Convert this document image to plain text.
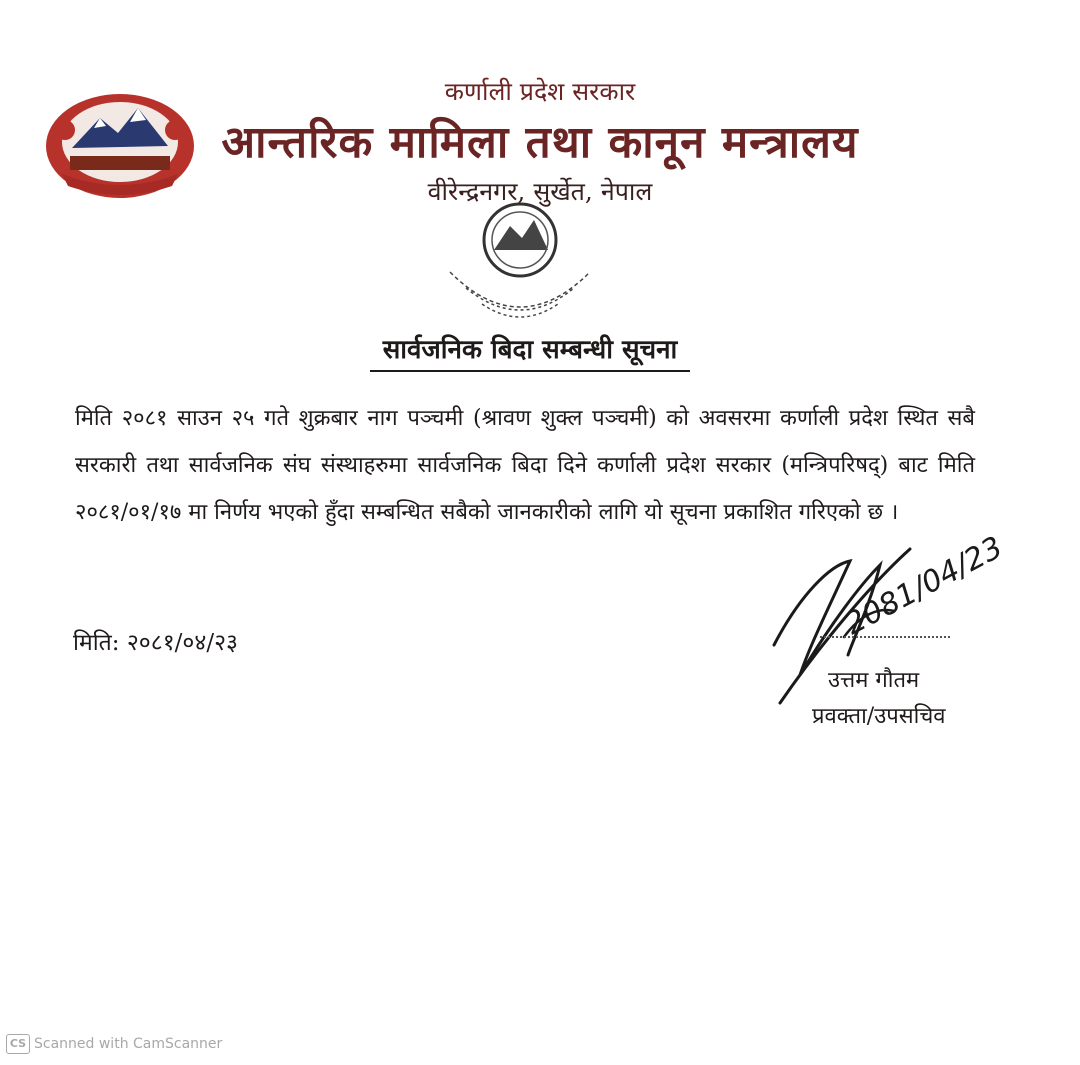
कर्णाली प्रदेश सरकार
आन्तरिक मामिला तथा कानून मन्त्रालय
वीरेन्द्रनगर, सुर्खेत, नेपाल
सार्वजनिक बिदा सम्बन्धी सूचना
मिति २०८१ साउन २५ गते शुक्रबार नाग पञ्चमी (श्रावण शुक्ल पञ्चमी) को अवसरमा कर्णाली प्रदेश स्थित सबै सरकारी तथा सार्वजनिक संघ संस्थाहरुमा सार्वजनिक बिदा दिने कर्णाली प्रदेश सरकार (मन्त्रिपरिषद्) बाट मिति २०८१/०१/१७ मा निर्णय भएको हुँदा सम्बन्धित सबैको जानकारीको लागि यो सूचना प्रकाशित गरिएको छ ।
मिति: २०८१/०४/२३
2081/04/23
उत्तम गौतम
प्रवक्ता/उपसचिव
CS Scanned with CamScanner
